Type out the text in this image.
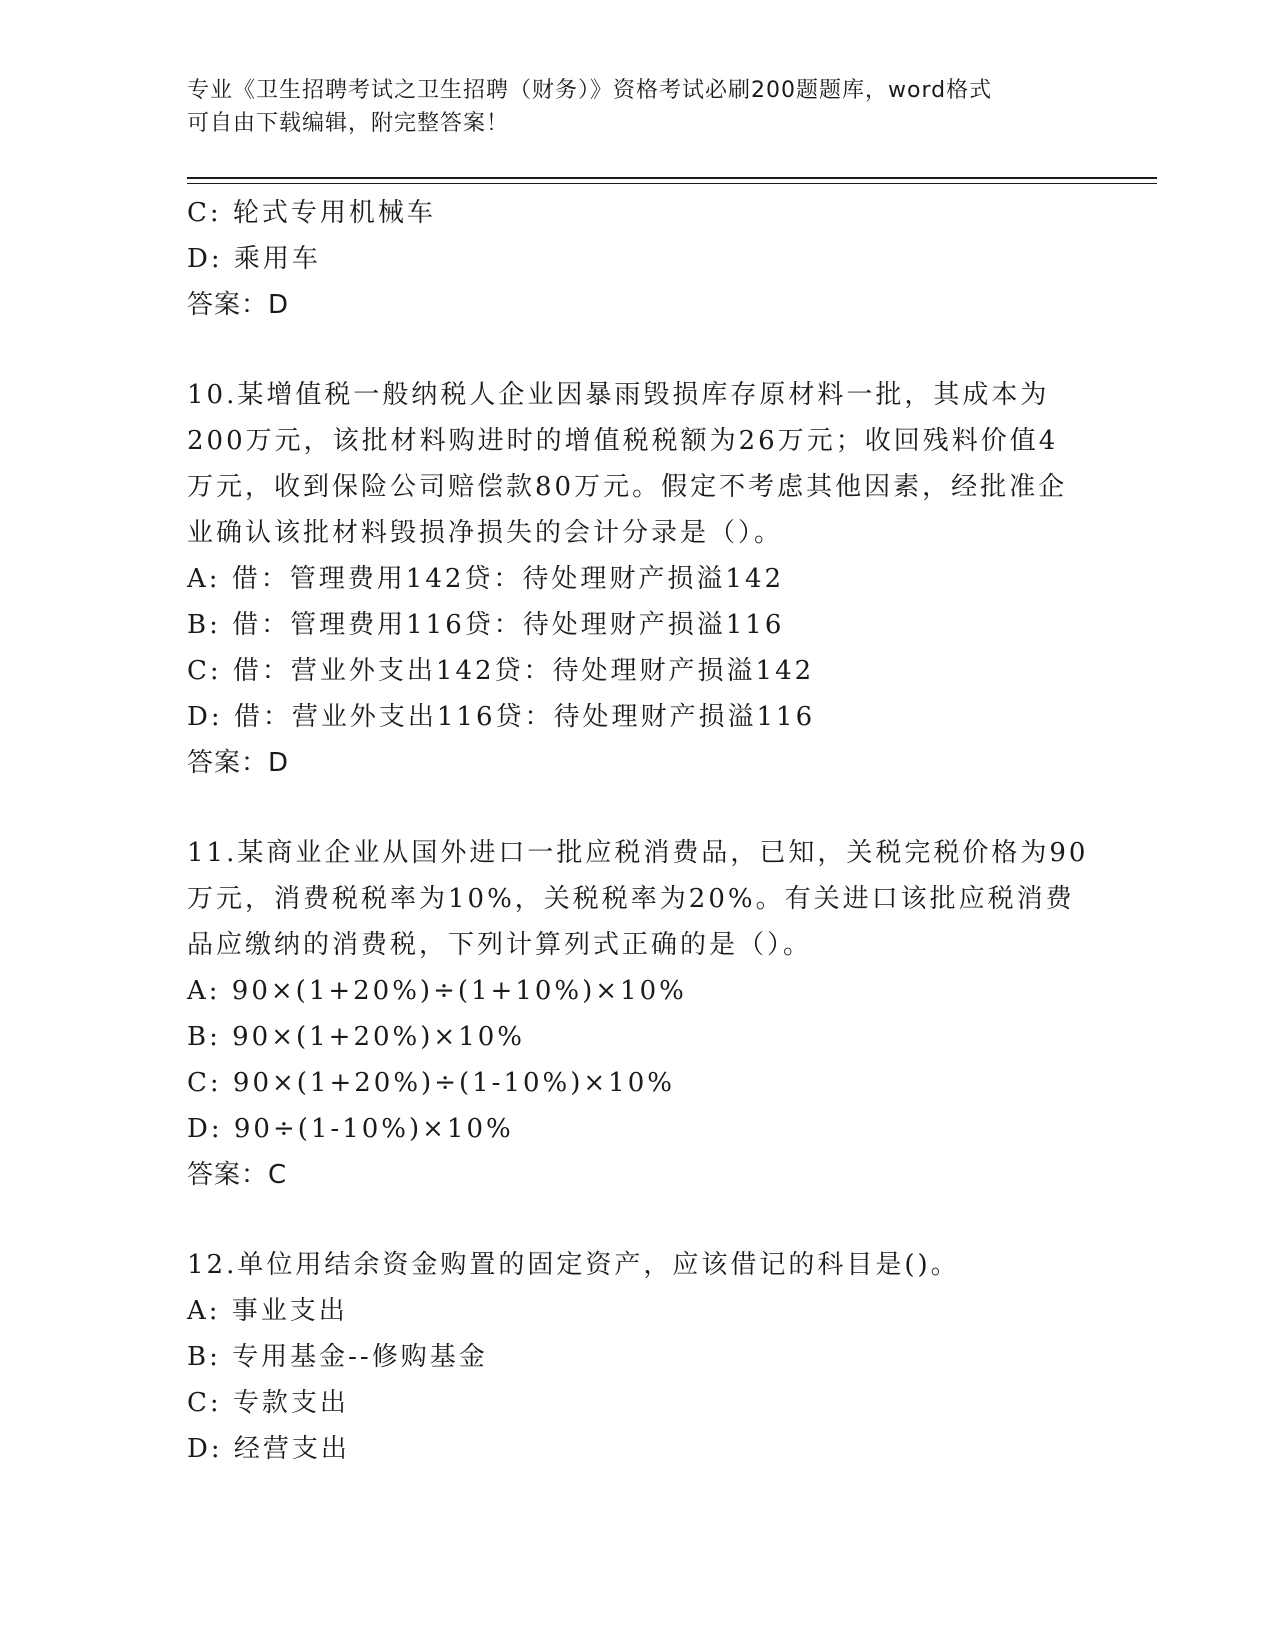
专业《卫生招聘考试之卫生招聘（财务）》资格考试必刷200题题库，word格式
可自由下载编辑，附完整答案！
C: 轮式专用机械车
D: 乘用车
答案：D
10.某增值税一般纳税人企业因暴雨毁损库存原材料一批，其成本为
200万元，该批材料购进时的增值税税额为26万元；收回残料价值4
万元，收到保险公司赔偿款80万元。假定不考虑其他因素，经批准企
业确认该批材料毁损净损失的会计分录是（）。
A: 借：管理费用142贷：待处理财产损溢142
B: 借：管理费用116贷：待处理财产损溢116
C: 借：营业外支出142贷：待处理财产损溢142
D: 借：营业外支出116贷：待处理财产损溢116
答案：D
11.某商业企业从国外进口一批应税消费品，已知，关税完税价格为90
万元，消费税税率为10%，关税税率为20%。有关进口该批应税消费
品应缴纳的消费税，下列计算列式正确的是（）。
A: 90×(1+20%)÷(1+10%)×10%
B: 90×(1+20%)×10%
C: 90×(1+20%)÷(1-10%)×10%
D: 90÷(1-10%)×10%
答案：C
12.单位用结余资金购置的固定资产，应该借记的科目是()。
A: 事业支出
B: 专用基金--修购基金
C: 专款支出
D: 经营支出
